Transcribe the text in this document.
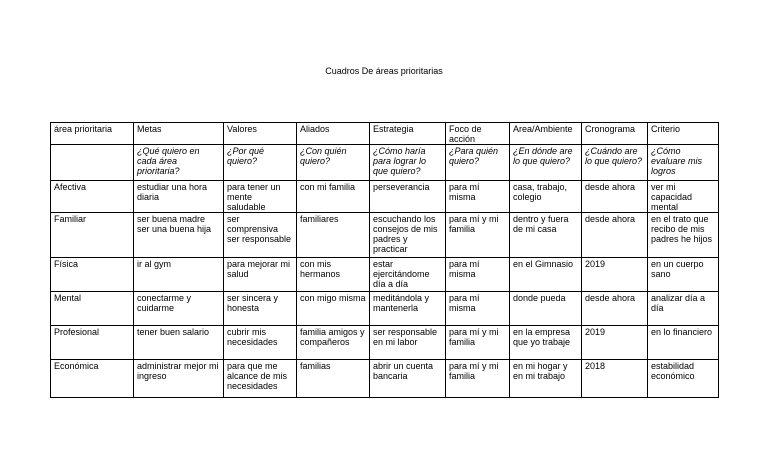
Cuadros De áreas prioritarias
área prioritaria	Metas	Valores	Aliados	Estrategia	Foco de acción	Area/Ambiente	Cronograma	Criterio
	¿Qué quiero en cada área prioritaria?	¿Por qué quiero?	¿Con quién quiero?	¿Cómo haría para lograr lo que quiero?	¿Para quién quiero?	¿En dónde are lo que quiero?	¿Cuándo are lo que quiero?	¿Cómo evaluare mis logros
Afectiva	estudiar una hora diaria	para tener un mente saludable	con mi familia	perseverancia	para mí misma	casa, trabajo, colegio	desde ahora	ver mi capacidad mental
Familiar	ser buena madre ser una buena hija	ser comprensiva ser responsable	familiares	escuchando los consejos de mis padres y practicar	para mí y mi familia	dentro y fuera de mi casa	desde ahora	en el trato que recibo de mis padres he hijos
Física	ir al gym	para mejorar mi salud	con mis hermanos	estar ejercitándome día a día	para mí misma	en el Gimnasio	2019	en un cuerpo sano
Mental	conectarme y cuidarme	ser sincera y honesta	con migo misma	meditándola y mantenerla	para mí misma	donde pueda	desde ahora	analizar día a día
Profesional	tener buen salario	cubrir mis necesidades	familia amigos y compañeros	ser responsable en mi labor	para mí y mi familia	en la empresa que yo trabaje	2019	en lo financiero
Económica	administrar mejor mi ingreso	para que me alcance de mis necesidades	familias	abrir un cuenta bancaria	para mí y mi familia	en mi hogar y en mi trabajo	2018	estabilidad económico
